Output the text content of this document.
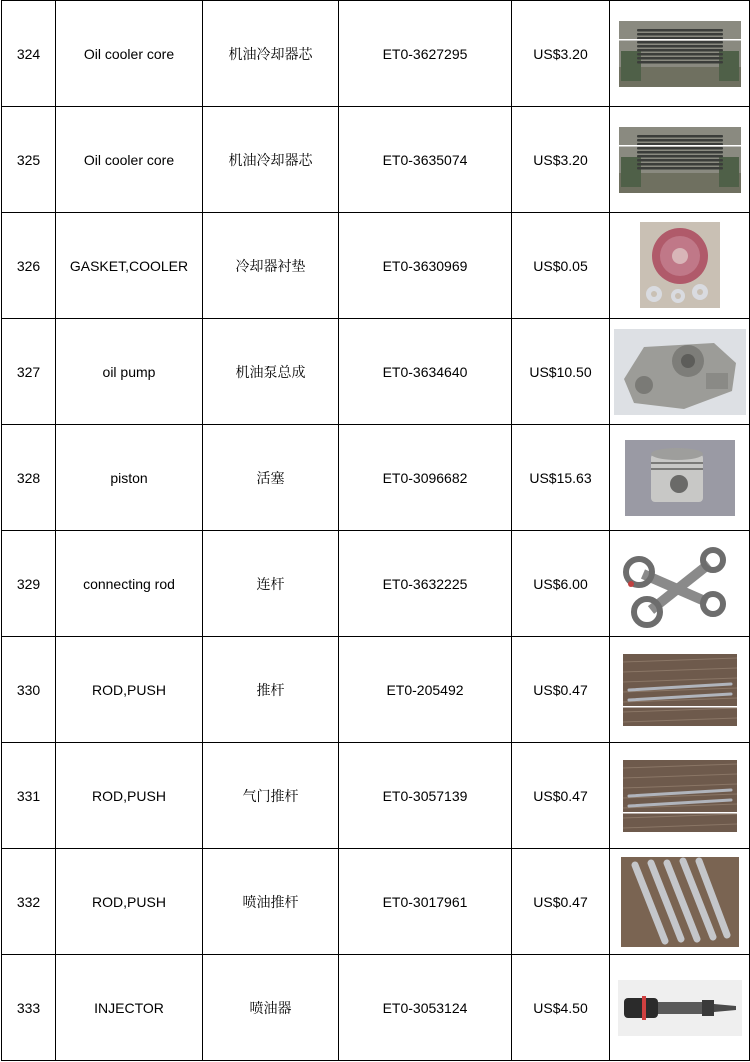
324	Oil cooler core	机油冷却器芯	ET0-3627295	US$3.20	

325	Oil cooler core	机油冷却器芯	ET0-3635074	US$3.20	

326	GASKET,COOLER	冷却器衬垫	ET0-3630969	US$0.05	

327	oil pump	机油泵总成	ET0-3634640	US$10.50	

328	piston	活塞	ET0-3096682	US$15.63	

329	connecting rod	连杆	ET0-3632225	US$6.00	

330	ROD,PUSH	推杆	ET0-205492	US$0.47	

331	ROD,PUSH	气门推杆	ET0-3057139	US$0.47	

332	ROD,PUSH	喷油推杆	ET0-3017961	US$0.47	

333	INJECTOR	喷油器	ET0-3053124	US$4.50	
